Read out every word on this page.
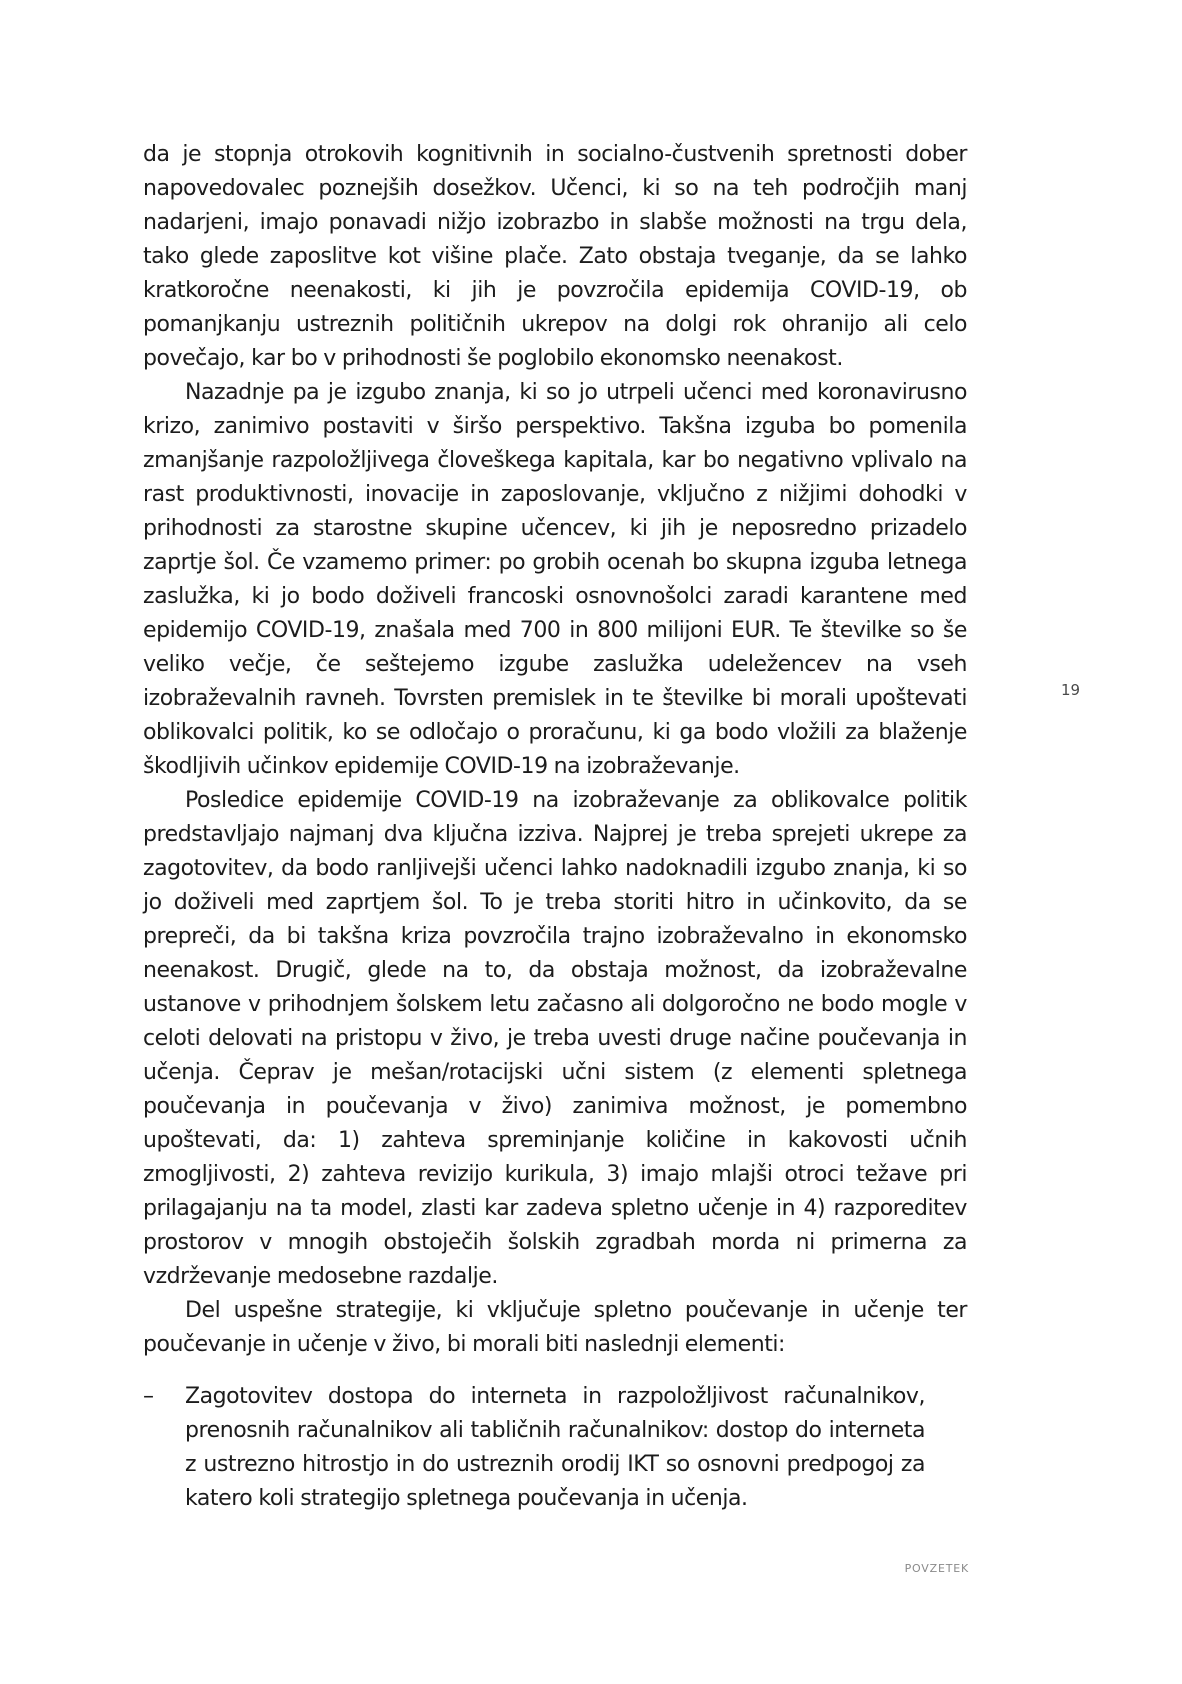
da je stopnja otrokovih kognitivnih in socialno-čustvenih spretnosti dober napovedovalec poznejših dosežkov. Učenci, ki so na teh področjih manj nadarjeni, imajo ponavadi nižjo izobrazbo in slabše možnosti na trgu dela, tako glede zaposlitve kot višine plače. Zato obstaja tveganje, da se lahko kratkoročne neenakosti, ki jih je povzročila epidemija COVID-19, ob pomanjkanju ustreznih političnih ukrepov na dolgi rok ohranijo ali celo povečajo, kar bo v prihodnosti še poglobilo ekonomsko neenakost.

Nazadnje pa je izgubo znanja, ki so jo utrpeli učenci med koronavirusno krizo, zanimivo postaviti v širšo perspektivo. Takšna izguba bo pomenila zmanjšanje razpoložljivega človeškega kapitala, kar bo negativno vplivalo na rast produktivnosti, inovacije in zaposlovanje, vključno z nižjimi dohodki v prihodnosti za starostne skupine učencev, ki jih je neposredno prizadelo zaprtje šol. Če vzamemo primer: po grobih ocenah bo skupna izguba letnega zaslužka, ki jo bodo doživeli francoski osnovnošolci zaradi karantene med epidemijo COVID-19, znašala med 700 in 800 milijoni EUR. Te številke so še veliko večje, če seštejemo izgube zaslužka udeležencev na vseh izobraževalnih ravneh. Tovrsten premislek in te številke bi morali upoštevati oblikovalci politik, ko se odločajo o proračunu, ki ga bodo vložili za blaženje škodljivih učinkov epidemije COVID-19 na izobraževanje.

Posledice epidemije COVID-19 na izobraževanje za oblikovalce politik predstavljajo najmanj dva ključna izziva. Najprej je treba sprejeti ukrepe za zagotovitev, da bodo ranljivejši učenci lahko nadoknadili izgubo znanja, ki so jo doživeli med zaprtjem šol. To je treba storiti hitro in učinkovito, da se prepreči, da bi takšna kriza povzročila trajno izobraževalno in ekonomsko neenakost. Drugič, glede na to, da obstaja možnost, da izobraževalne ustanove v prihodnjem šolskem letu začasno ali dolgoročno ne bodo mogle v celoti delovati na pristopu v živo, je treba uvesti druge načine poučevanja in učenja. Čeprav je mešan/rotacijski učni sistem (z elementi spletnega poučevanja in poučevanja v živo) zanimiva možnost, je pomembno upoštevati, da: 1) zahteva spreminjanje količine in kakovosti učnih zmogljivosti, 2) zahteva revizijo kurikula, 3) imajo mlajši otroci težave pri prilagajanju na ta model, zlasti kar zadeva spletno učenje in 4) razporeditev prostorov v mnogih obstoječih šolskih zgradbah morda ni primerna za vzdrževanje medosebne razdalje.

Del uspešne strategije, ki vključuje spletno poučevanje in učenje ter poučevanje in učenje v živo, bi morali biti naslednji elementi:

– Zagotovitev dostopa do interneta in razpoložljivost računalnikov, prenosnih računalnikov ali tabličnih računalnikov: dostop do interneta z ustrezno hitrostjo in do ustreznih orodij IKT so osnovni predpogoj za katero koli strategijo spletnega poučevanja in učenja.
19
POVZETEK
